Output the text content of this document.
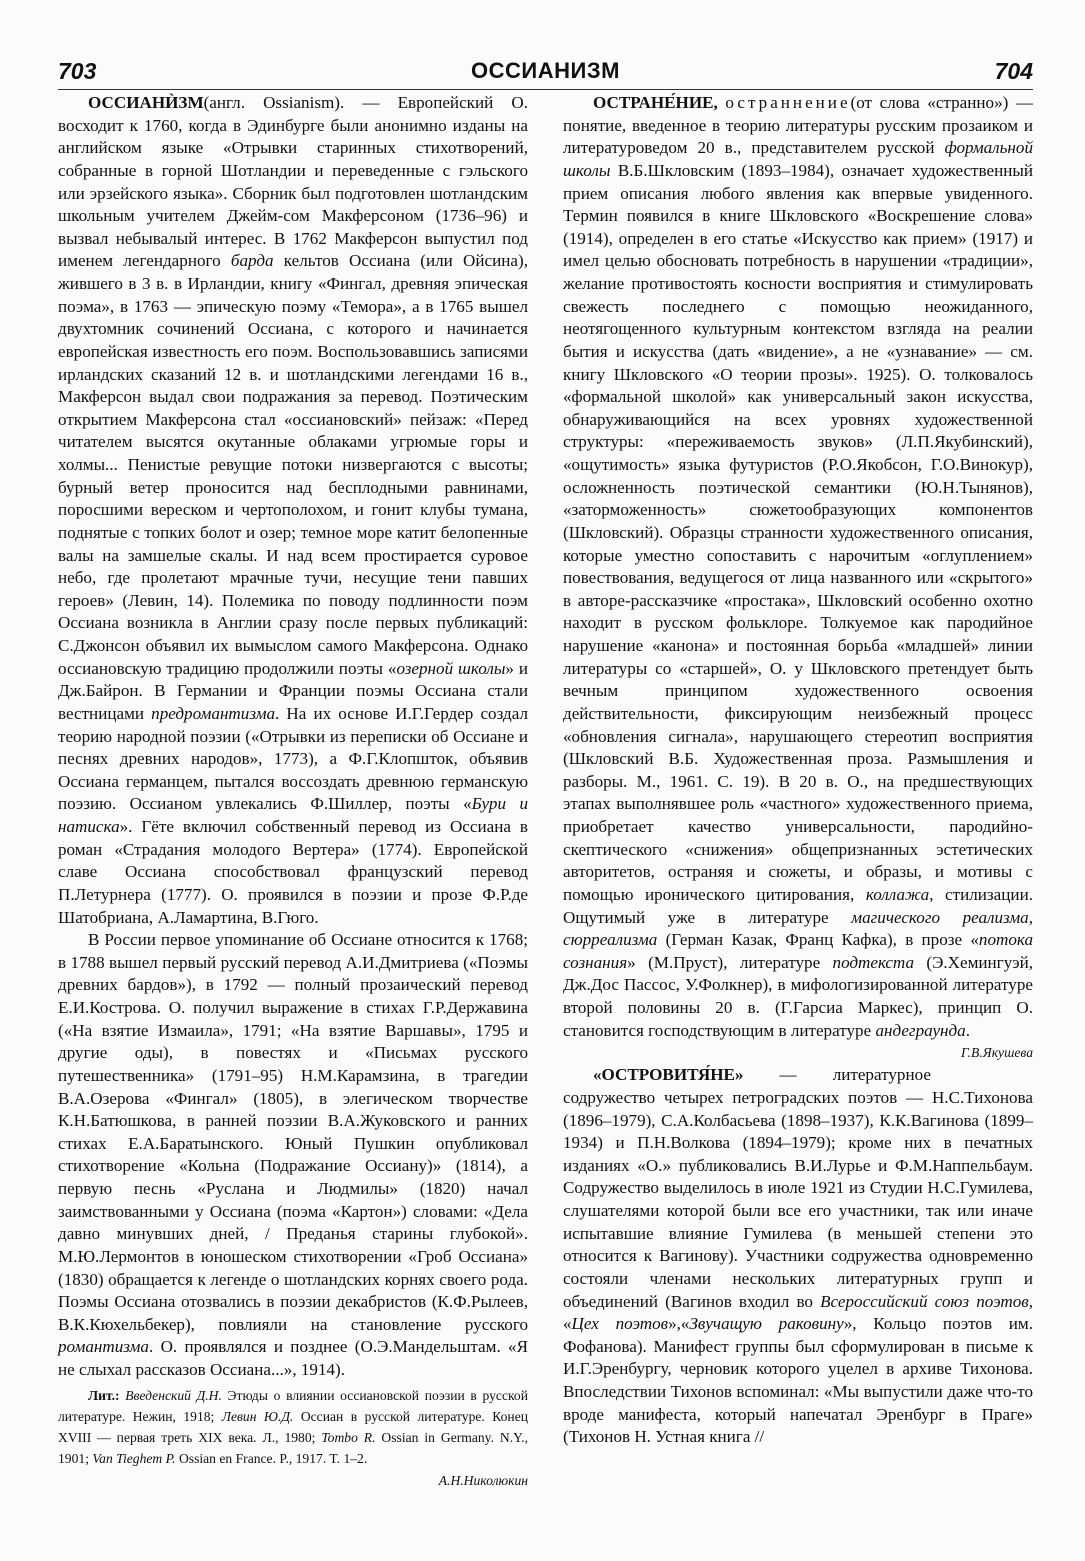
703	ОССИАНИЗМ	704

ОССИАНЍЗМ(англ. Ossianism). — Европейский О. восходит к 1760, когда в Эдинбурге были анонимно изданы на английском языке «Отрывки старинных стихотворений, собранные в горной Шотландии и переведенные с гэльского или эрзейского языка». Сборник был подготовлен шотландским школьным учителем Джейм-сом Макферсоном (1736–96) и вызвал небывалый интерес. В 1762 Макферсон выпустил под именем легендарного барда кельтов Оссиана (или Ойсина), жившего в 3 в. в Ирландии, книгу «Фингал, древняя эпическая поэма», в 1763 — эпическую поэму «Темора», а в 1765 вышел двухтомник сочинений Оссиана, с которого и начинается европейская известность его поэм. Воспользовавшись записями ирландских сказаний 12 в. и шотландскими легендами 16 в., Макферсон выдал свои подражания за перевод. Поэтическим открытием Макферсона стал «оссиановский» пейзаж: «Перед читателем высятся окутанные облаками угрюмые горы и холмы... Пенистые ревущие потоки низвергаются с высоты; бурный ветер проносится над бесплодными равнинами, поросшими вереском и чертополохом, и гонит клубы тумана, поднятые с топких болот и озер; темное море катит белопенные валы на замшелые скалы. И над всем простирается суровое небо, где пролетают мрачные тучи, несущие тени павших героев» (Левин, 14). Полемика по поводу подлинности поэм Оссиана возникла в Англии сразу после первых публикаций: С.Джонсон объявил их вымыслом самого Макферсона. Однако оссиановскую традицию продолжили поэты «озерной школы» и Дж.Байрон. В Германии и Франции поэмы Оссиана стали вестницами предромантизма. На их основе И.Г.Гердер создал теорию народной поэзии («Отрывки из переписки об Оссиане и песнях древних народов», 1773), а Ф.Г.Клопшток, объявив Оссиана германцем, пытался воссоздать древнюю германскую поэзию. Оссианом увлекались Ф.Шиллер, поэты «Бури и натиска». Гёте включил собственный перевод из Оссиана в роман «Страдания молодого Вертера» (1774). Европейской славе Оссиана способствовал французский перевод П.Летурнера (1777). О. проявился в поэзии и прозе Ф.Р.де Шатобриана, А.Ламартина, В.Гюго.

В России первое упоминание об Оссиане относится к 1768; в 1788 вышел первый русский перевод А.И.Дмитриева («Поэмы древних бардов»), в 1792 — полный прозаический перевод Е.И.Кострова. О. получил выражение в стихах Г.Р.Державина («На взятие Измаила», 1791; «На взятие Варшавы», 1795 и другие оды), в повестях и «Письмах русского путешественника» (1791–95) Н.М.Карамзина, в трагедии В.А.Озерова «Фингал» (1805), в элегическом творчестве К.Н.Батюшкова, в ранней поэзии В.А.Жуковского и ранних стихах Е.А.Баратынского. Юный Пушкин опубликовал стихотворение «Кольна (Подражание Оссиану)» (1814), а первую песнь «Руслана и Людмилы» (1820) начал заимствованными у Оссиана (поэма «Картон») словами: «Дела давно минувших дней, / Преданья старины глубокой». М.Ю.Лермонтов в юношеском стихотворении «Гроб Оссиана» (1830) обращается к легенде о шотландских корнях своего рода. Поэмы Оссиана отозвались в поэзии декабристов (К.Ф.Рылеев, В.К.Кюхельбекер), повлияли на становление русского романтизма. О. проявлялся и позднее (О.Э.Мандельштам. «Я не слыхал рассказов Оссиана...», 1914).

Лит.: Введенский Д.Н. Этюды о влиянии оссиановской поэзии в русской литературе. Нежин, 1918; Левин Ю.Д. Оссиан в русской литературе. Конец XVIII — первая треть XIX века. Л., 1980; Tombo R. Ossian in Germany. N.Y., 1901; Van Tieghem P. Ossian en France. P., 1917. T. 1–2.
А.Н.Николюкин

ОСТРАНЕ́НИЕ, остраннение(от слова «странно») — понятие, введенное в теорию литературы русским прозаиком и литературоведом 20 в., представителем русской формальной школы В.Б.Шкловским (1893–1984), означает художественный прием описания любого явления как впервые увиденного. Термин появился в книге Шкловского «Воскрешение слова» (1914), определен в его статье «Искусство как прием» (1917) и имел целью обосновать потребность в нарушении «традиции», желание противостоять косности восприятия и стимулировать свежесть последнего с помощью неожиданного, неотягощенного культурным контекстом взгляда на реалии бытия и искусства (дать «видение», а не «узнавание» — см. книгу Шкловского «О теории прозы». 1925). О. толковалось «формальной школой» как универсальный закон искусства, обнаруживающийся на всех уровнях художественной структуры: «переживаемость звуков» (Л.П.Якубинский), «ощутимость» языка футуристов (Р.О.Якобсон, Г.О.Винокур), осложненность поэтической семантики (Ю.Н.Тынянов), «заторможенность» сюжетообразующих компонентов (Шкловский). Образцы странности художественного описания, которые уместно сопоставить с нарочитым «оглуплением» повествования, ведущегося от лица названного или «скрытого» в авторе-рассказчике «простака», Шкловский особенно охотно находит в русском фольклоре. Толкуемое как пародийное нарушение «канона» и постоянная борьба «младшей» линии литературы со «старшей», О. у Шкловского претендует быть вечным принципом художественного освоения действительности, фиксирующим неизбежный процесс «обновления сигнала», нарушающего стереотип восприятия (Шкловский В.Б. Художественная проза. Размышления и разборы. М., 1961. С. 19). В 20 в. О., на предшествующих этапах выполнявшее роль «частного» художественного приема, приобретает качество универсальности, пародийно-скептического «снижения» общепризнанных эстетических авторитетов, остраняя и сюжеты, и образы, и мотивы с помощью иронического цитирования, коллажа, стилизации. Ощутимый уже в литературе магического реализма, сюрреализма (Герман Казак, Франц Кафка), в прозе «потока сознания» (М.Пруст), литературе подтекста (Э.Хемингуэй, Дж.Дос Пассос, У.Фолкнер), в мифологизированной литературе второй половины 20 в. (Г.Гарсиа Маркес), принцип О. становится господствующим в литературе андеграунда.
Г.В.Якушева

«ОСТРОВИТЯ́НЕ» — литературное содружество четырех петроградских поэтов — Н.С.Тихонова (1896–1979), С.А.Колбасьева (1898–1937), К.К.Вагинова (1899–1934) и П.Н.Волкова (1894–1979); кроме них в печатных изданиях «О.» публиковались В.И.Лурье и Ф.М.Наппельбаум. Содружество выделилось в июле 1921 из Студии Н.С.Гумилева, слушателями которой были все его участники, так или иначе испытавшие влияние Гумилева (в меньшей степени это относится к Вагинову). Участники содружества одновременно состояли членами нескольких литературных групп и объединений (Вагинов входил во Всероссийский союз поэтов, «Цех поэтов»,«Звучащую раковину», Кольцо поэтов им. Фофанова). Манифест группы был сформулирован в письме к И.Г.Эренбургу, черновик которого уцелел в архиве Тихонова. Впоследствии Тихонов вспоминал: «Мы выпустили даже что-то вроде манифеста, который напечатал Эренбург в Праге» (Тихонов Н. Устная книга //
